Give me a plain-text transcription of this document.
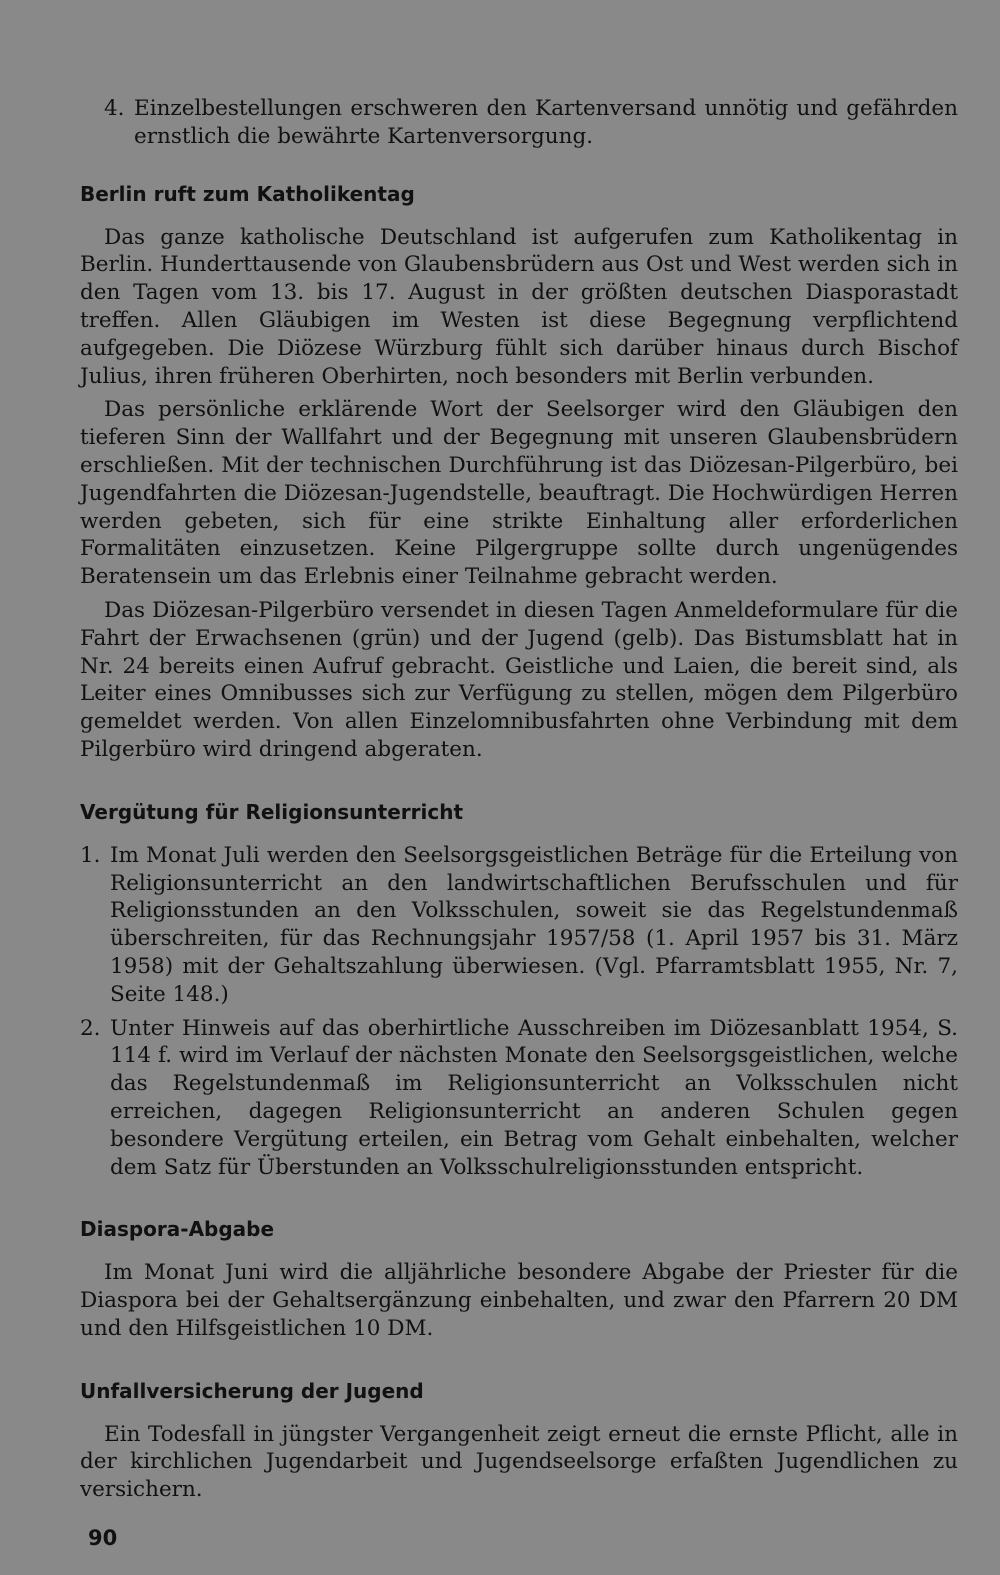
4. Einzelbestellungen erschweren den Kartenversand unnötig und gefährden ernstlich die bewährte Kartenversorgung.
Berlin ruft zum Katholikentag

Das ganze katholische Deutschland ist aufgerufen zum Katholikentag in Berlin. Hunderttausende von Glaubensbrüdern aus Ost und West werden sich in den Tagen vom 13. bis 17. August in der größten deutschen Diasporastadt treffen. Allen Gläubigen im Westen ist diese Begegnung verpflichtend aufgegeben. Die Diözese Würzburg fühlt sich darüber hinaus durch Bischof Julius, ihren früheren Oberhirten, noch besonders mit Berlin verbunden.

Das persönliche erklärende Wort der Seelsorger wird den Gläubigen den tieferen Sinn der Wallfahrt und der Begegnung mit unseren Glaubensbrüdern erschließen. Mit der technischen Durchführung ist das Diözesan-Pilgerbüro, bei Jugendfahrten die Diözesan-Jugendstelle, beauftragt. Die Hochwürdigen Herren werden gebeten, sich für eine strikte Einhaltung aller erforderlichen Formalitäten einzusetzen. Keine Pilgergruppe sollte durch ungenügendes Beratensein um das Erlebnis einer Teilnahme gebracht werden.

Das Diözesan-Pilgerbüro versendet in diesen Tagen Anmeldeformulare für die Fahrt der Erwachsenen (grün) und der Jugend (gelb). Das Bistumsblatt hat in Nr. 24 bereits einen Aufruf gebracht. Geistliche und Laien, die bereit sind, als Leiter eines Omnibusses sich zur Verfügung zu stellen, mögen dem Pilgerbüro gemeldet werden. Von allen Einzelomnibusfahrten ohne Verbindung mit dem Pilgerbüro wird dringend abgeraten.

Vergütung für Religionsunterricht
1. Im Monat Juli werden den Seelsorgsgeistlichen Beträge für die Erteilung von Religionsunterricht an den landwirtschaftlichen Berufsschulen und für Religionsstunden an den Volksschulen, soweit sie das Regelstundenmaß überschreiten, für das Rechnungsjahr 1957/58 (1. April 1957 bis 31. März 1958) mit der Gehaltszahlung überwiesen. (Vgl. Pfarramtsblatt 1955, Nr. 7, Seite 148.)
2. Unter Hinweis auf das oberhirtliche Ausschreiben im Diözesanblatt 1954, S. 114 f. wird im Verlauf der nächsten Monate den Seelsorgsgeistlichen, welche das Regelstundenmaß im Religionsunterricht an Volksschulen nicht erreichen, dagegen Religionsunterricht an anderen Schulen gegen besondere Vergütung erteilen, ein Betrag vom Gehalt einbehalten, welcher dem Satz für Überstunden an Volksschulreligionsstunden entspricht.
Diaspora-Abgabe

Im Monat Juni wird die alljährliche besondere Abgabe der Priester für die Diaspora bei der Gehaltsergänzung einbehalten, und zwar den Pfarrern 20 DM und den Hilfsgeistlichen 10 DM.

Unfallversicherung der Jugend

Ein Todesfall in jüngster Vergangenheit zeigt erneut die ernste Pflicht, alle in der kirchlichen Jugendarbeit und Jugendseelsorge erfaßten Jugendlichen zu versichern.

90
